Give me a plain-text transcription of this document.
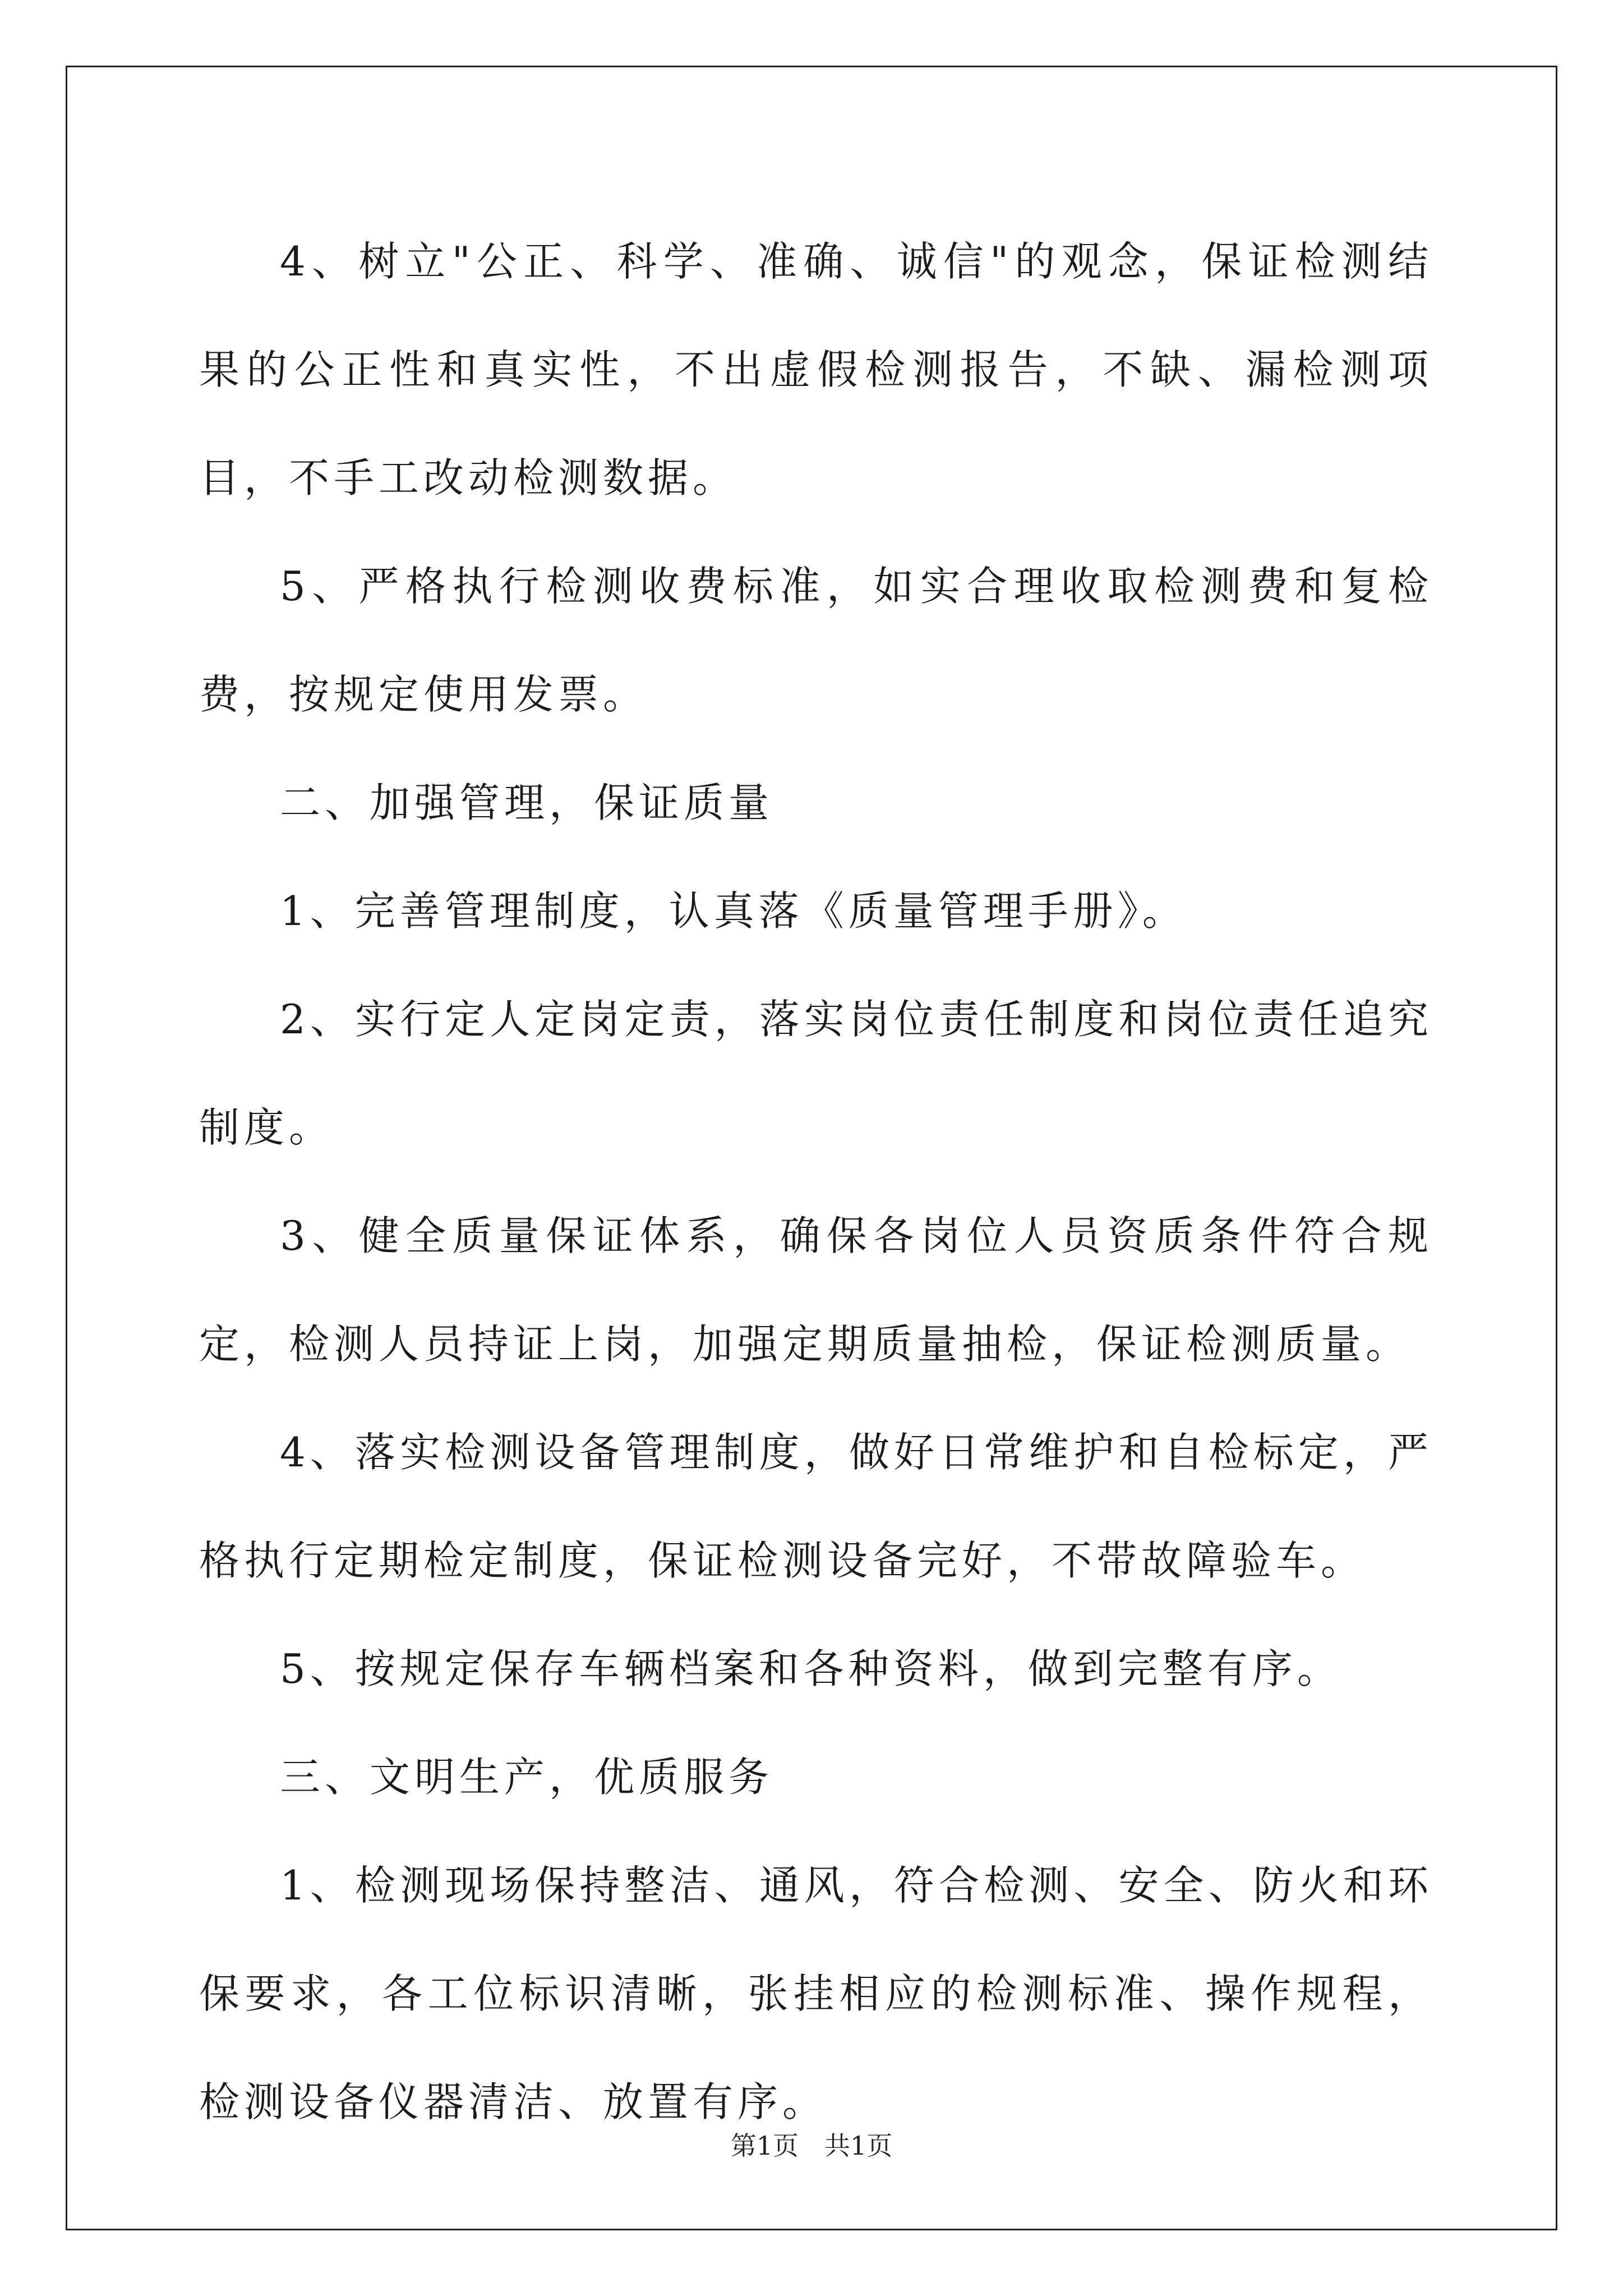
4、树立"公正、科学、准确、诚信"的观念，保证检测结果的公正性和真实性，不出虚假检测报告，不缺、漏检测项目，不手工改动检测数据。

5、严格执行检测收费标准，如实合理收取检测费和复检费，按规定使用发票。

二、加强管理，保证质量

1、完善管理制度，认真落《质量管理手册》。

2、实行定人定岗定责，落实岗位责任制度和岗位责任追究制度。

3、健全质量保证体系，确保各岗位人员资质条件符合规定，检测人员持证上岗，加强定期质量抽检，保证检测质量。

4、落实检测设备管理制度，做好日常维护和自检标定，严格执行定期检定制度，保证检测设备完好，不带故障验车。

5、按规定保存车辆档案和各种资料，做到完整有序。

三、文明生产，优质服务

1、检测现场保持整洁、通风，符合检测、安全、防火和环保要求，各工位标识清晰，张挂相应的检测标准、操作规程，检测设备仪器清洁、放置有序。

第1页　共1页
